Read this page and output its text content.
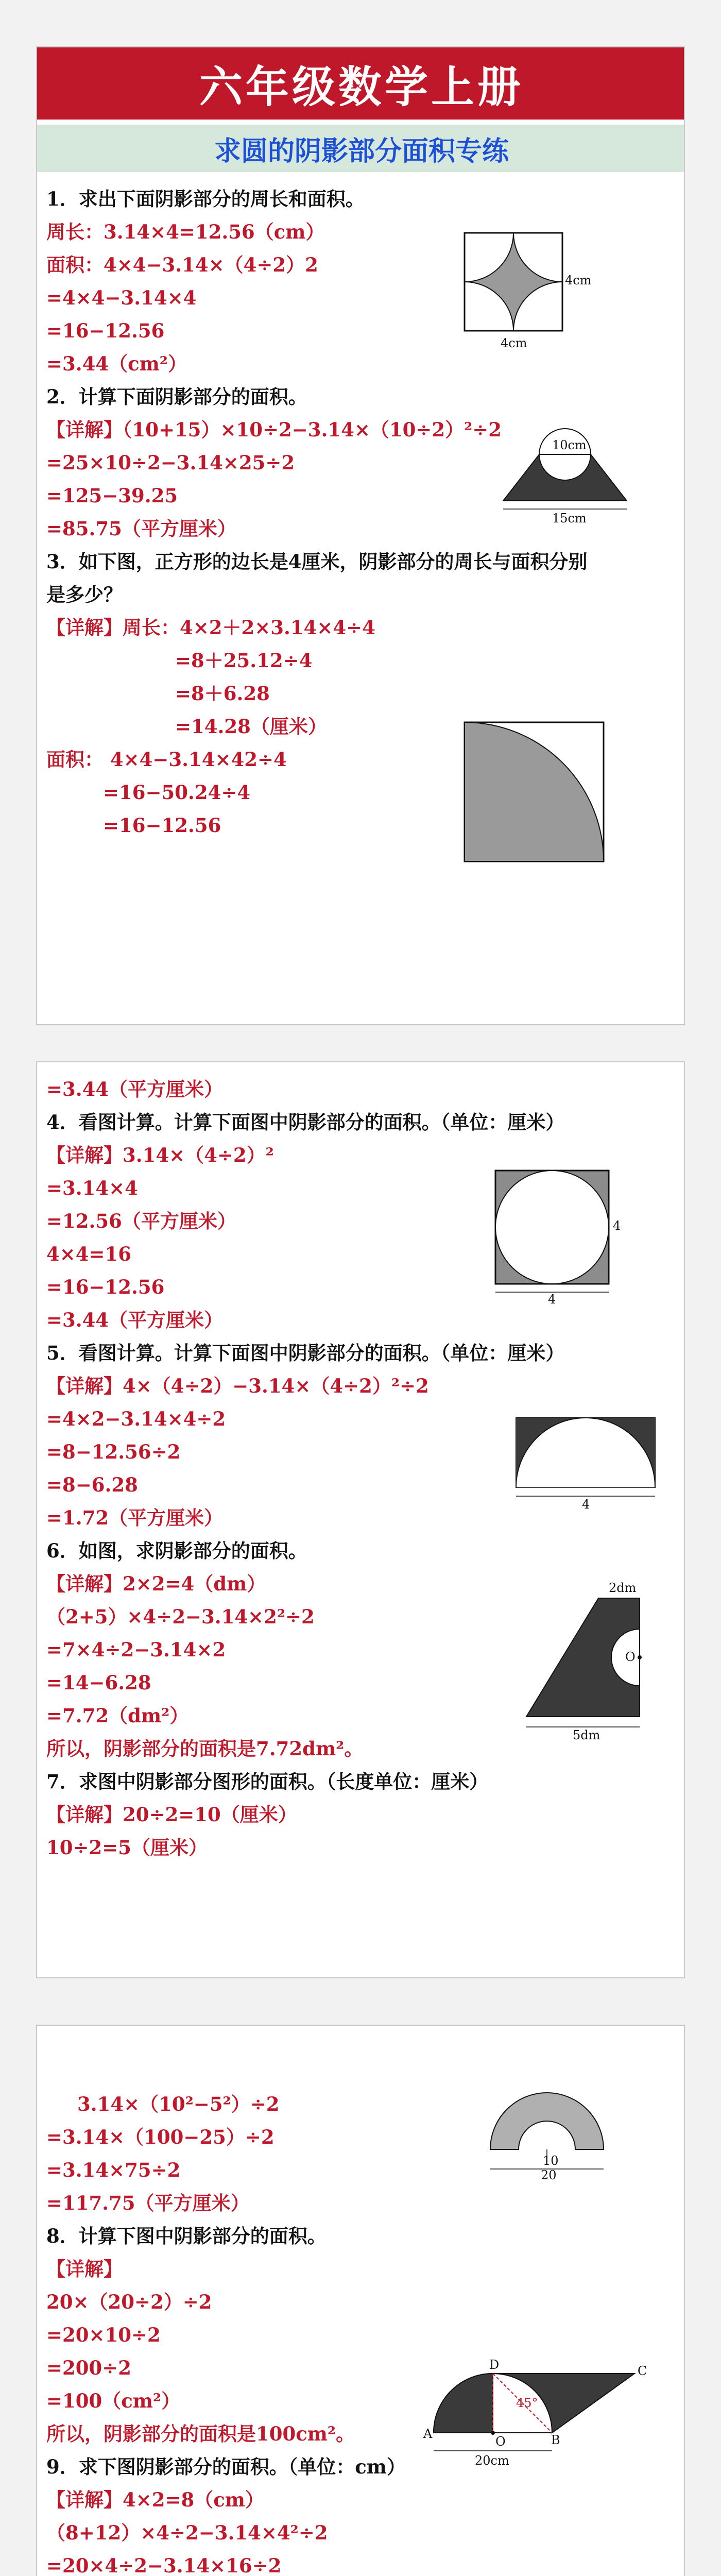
六年级数学上册
求圆的阴影部分面积专练
1．求出下面阴影部分的周长和面积。
周长：3.14×4=12.56（cm）
面积：4×4−3.14×（4÷2）2
=4×4−3.14×4
=16−12.56
=3.44（cm²）
2．计算下面阴影部分的面积。
【详解】（10+15）×10÷2−3.14×（10÷2）²÷2
=25×10÷2−3.14×25÷2
=125−39.25
=85.75（平方厘米）
3．如下图，正方形的边长是4厘米，阴影部分的周长与面积分别
是多少？
【详解】周长：4×2＋2×3.14×4÷4
=8＋25.12÷4
=8＋6.28
=14.28（厘米）
面积： 4×4−3.14×42÷4
=16−50.24÷4
=16−12.56
4cm
4cm
10cm
15cm
=3.44（平方厘米）
4．看图计算。计算下面图中阴影部分的面积。（单位：厘米）
【详解】3.14×（4÷2）²
=3.14×4
=12.56（平方厘米）
4×4=16
=16−12.56
=3.44（平方厘米）
5．看图计算。计算下面图中阴影部分的面积。（单位：厘米）
【详解】4×（4÷2）−3.14×（4÷2）²÷2
=4×2−3.14×4÷2
=8−12.56÷2
=8−6.28
=1.72（平方厘米）
6．如图，求阴影部分的面积。
【详解】2×2=4（dm）
（2+5）×4÷2−3.14×2²÷2
=7×4÷2−3.14×2
=14−6.28
=7.72（dm²）
所以，阴影部分的面积是7.72dm²。
7．求图中阴影部分图形的面积。（长度单位：厘米）
【详解】20÷2=10（厘米）
10÷2=5（厘米）
4
4
4
2dm
O
5dm
3.14×（10²−5²）÷2
=3.14×（100−25）÷2
=3.14×75÷2
=117.75（平方厘米）
8．计算下图中阴影部分的面积。
【详解】
20×（20÷2）÷2
=20×10÷2
=200÷2
=100（cm²）
所以，阴影部分的面积是100cm²。
9．求下图阴影部分的面积。（单位：cm）
【详解】4×2=8（cm）
（8+12）×4÷2−3.14×4²÷2
=20×4÷2−3.14×16÷2
10
20
A	B
C
D
O
45°
20cm
